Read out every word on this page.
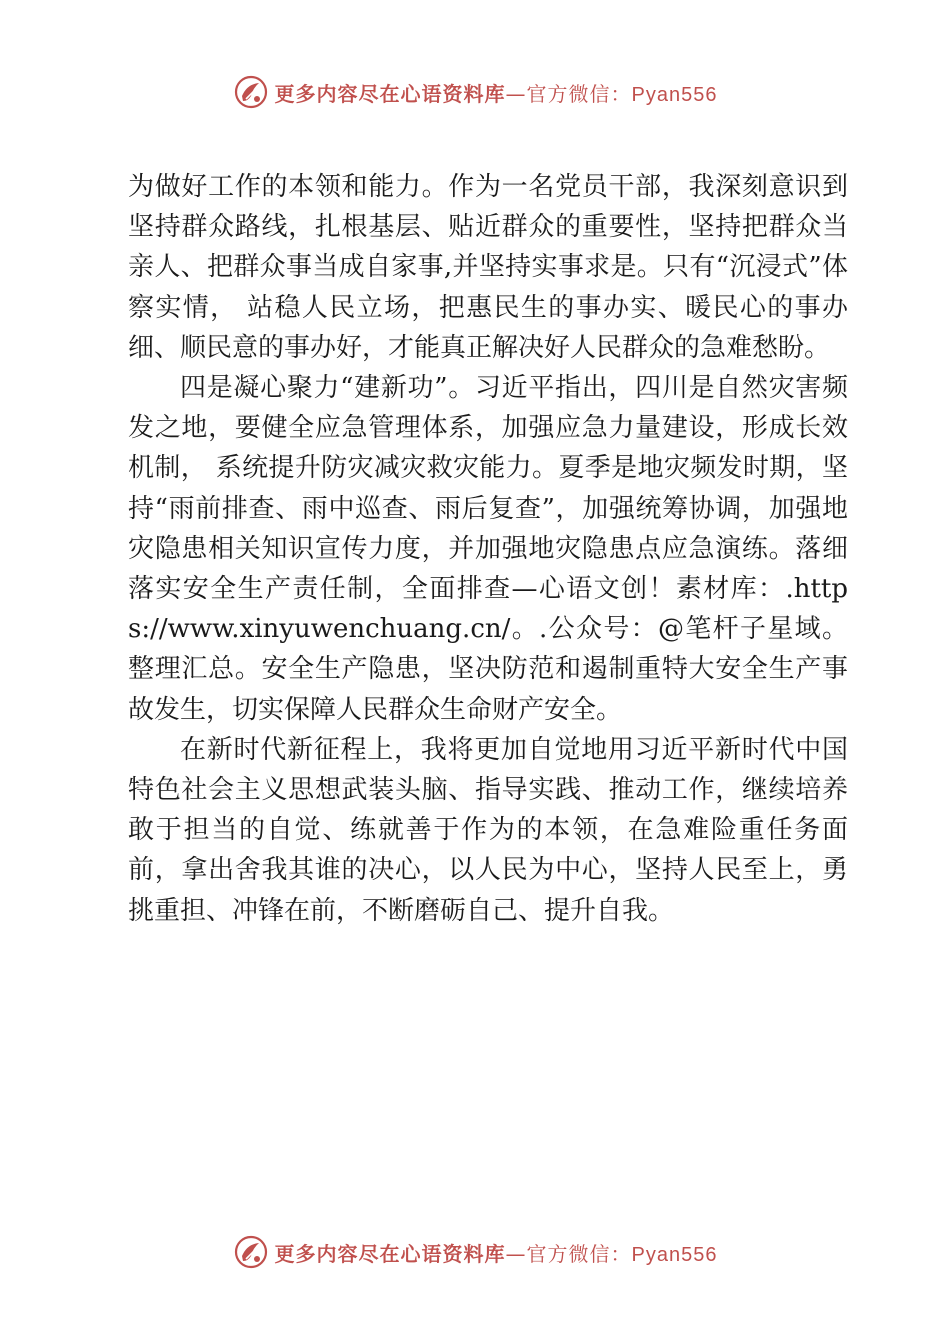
更多内容尽在心语资料库—官方微信：Pyan556

为做好工作的本领和能力。作为一名党员干部，我深刻意识到坚持群众路线，扎根基层、贴近群众的重要性，坚持把群众当亲人、把群众事当成自家事,并坚持实事求是。只有“沉浸式”体察实情， 站稳人民立场，把惠民生的事办实、暖民心的事办细、顺民意的事办好，才能真正解决好人民群众的急难愁盼。

四是凝心聚力“建新功”。习近平指出，四川是自然灾害频发之地，要健全应急管理体系，加强应急力量建设，形成长效机制， 系统提升防灾减灾救灾能力。夏季是地灾频发时期，坚持“雨前排查、雨中巡查、雨后复查”，加强统筹协调，加强地灾隐患相关知识宣传力度，并加强地灾隐患点应急演练。落细落实安全生产责任制，全面排查—心语文创！素材库：.https://www.xinyuwenchuang.cn/。.公众号：@笔杆子星域。整理汇总。安全生产隐患，坚决防范和遏制重特大安全生产事故发生，切实保障人民群众生命财产安全。

在新时代新征程上，我将更加自觉地用习近平新时代中国特色社会主义思想武装头脑、指导实践、推动工作，继续培养敢于担当的自觉、练就善于作为的本领，在急难险重任务面前，拿出舍我其谁的决心，以人民为中心，坚持人民至上，勇挑重担、冲锋在前，不断磨砺自己、提升自我。

更多内容尽在心语资料库—官方微信：Pyan556
